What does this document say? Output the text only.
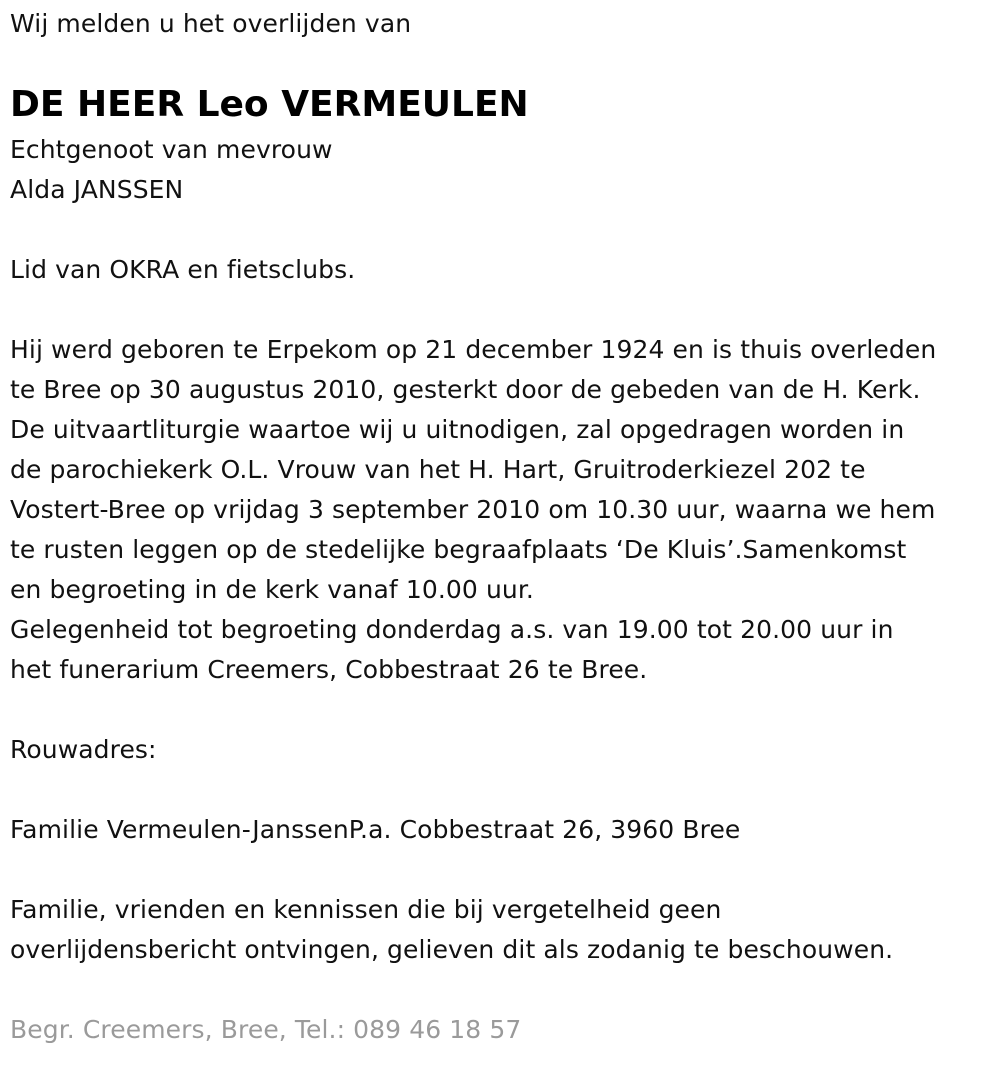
Wij melden u het overlijden van
DE HEER Leo VERMEULEN
Echtgenoot van mevrouw
Alda JANSSEN
Lid van OKRA en fietsclubs.
Hij werd geboren te Erpekom op 21 december 1924 en is thuis overleden
te Bree op 30 augustus 2010, gesterkt door de gebeden van de H. Kerk.
De uitvaartliturgie waartoe wij u uitnodigen, zal opgedragen worden in
de parochiekerk O.L. Vrouw van het H. Hart, Gruitroderkiezel 202 te
Vostert-Bree op vrijdag 3 september 2010 om 10.30 uur, waarna we hem
te rusten leggen op de stedelijke begraafplaats ‘De Kluis’.Samenkomst
en begroeting in de kerk vanaf 10.00 uur.
Gelegenheid tot begroeting donderdag a.s. van 19.00 tot 20.00 uur in
het funerarium Creemers, Cobbestraat 26 te Bree.
Rouwadres:
Familie Vermeulen-JanssenP.a. Cobbestraat 26, 3960 Bree
Familie, vrienden en kennissen die bij vergetelheid geen
overlijdensbericht ontvingen, gelieven dit als zodanig te beschouwen.
Begr. Creemers, Bree, Tel.: 089 46 18 57
